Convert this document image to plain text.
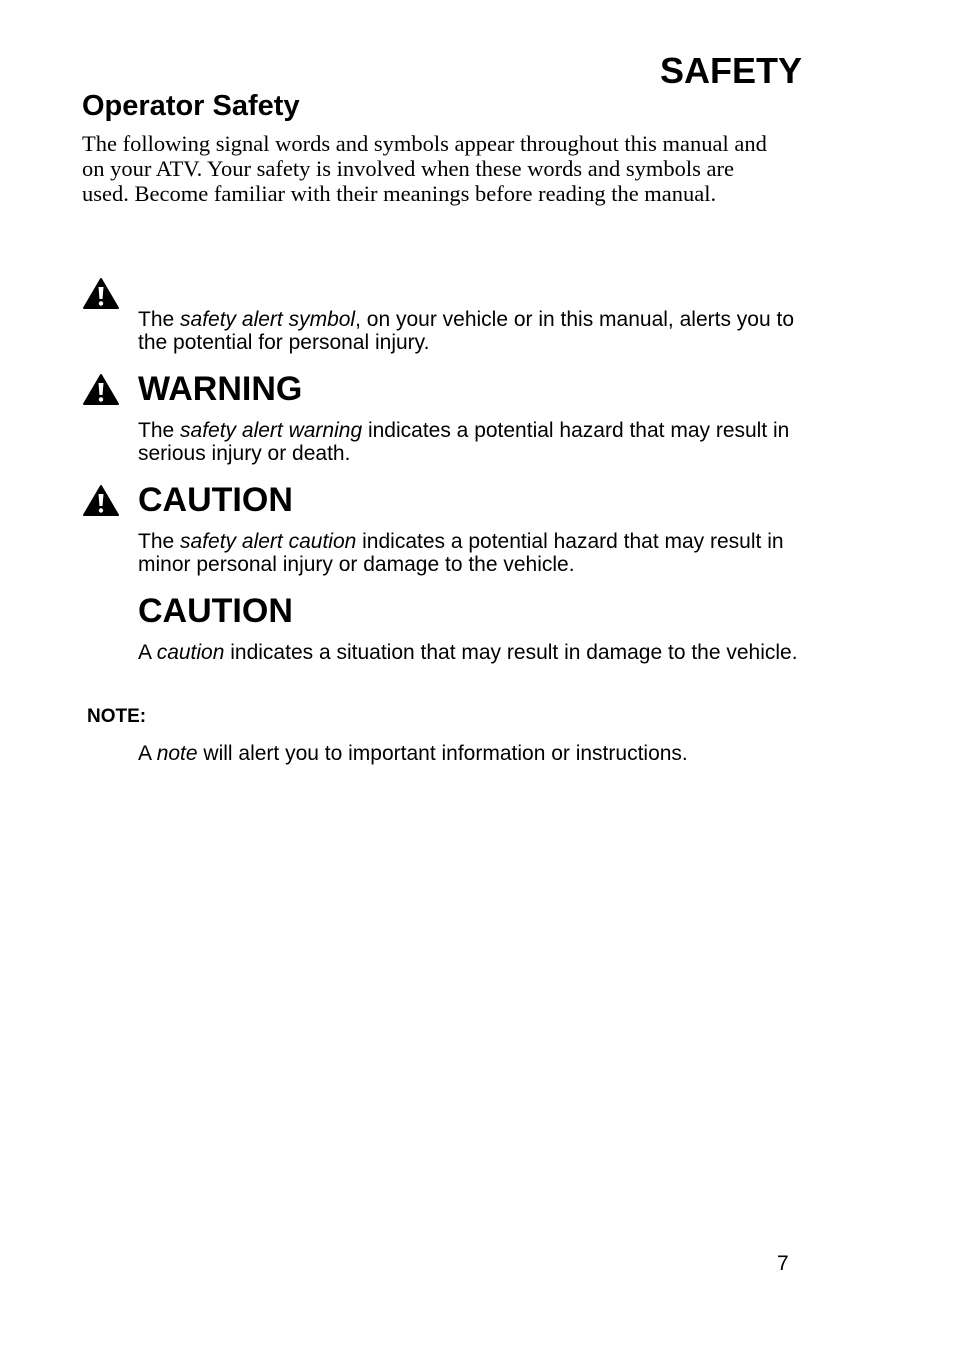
SAFETY
Operator Safety

The following signal words and symbols appear throughout this manual and on your ATV. Your safety is involved when these words and symbols are used. Become familiar with their meanings before reading the manual.

The safety alert symbol, on your vehicle or in this manual, alerts you to the potential for personal injury.

WARNING

The safety alert warning indicates a potential hazard that may result in serious injury or death.

CAUTION

The safety alert caution indicates a potential hazard that may result in minor personal injury or damage to the vehicle.

CAUTION

A caution indicates a situation that may result in damage to the vehicle.

NOTE:

A note will alert you to important information or instructions.

7
